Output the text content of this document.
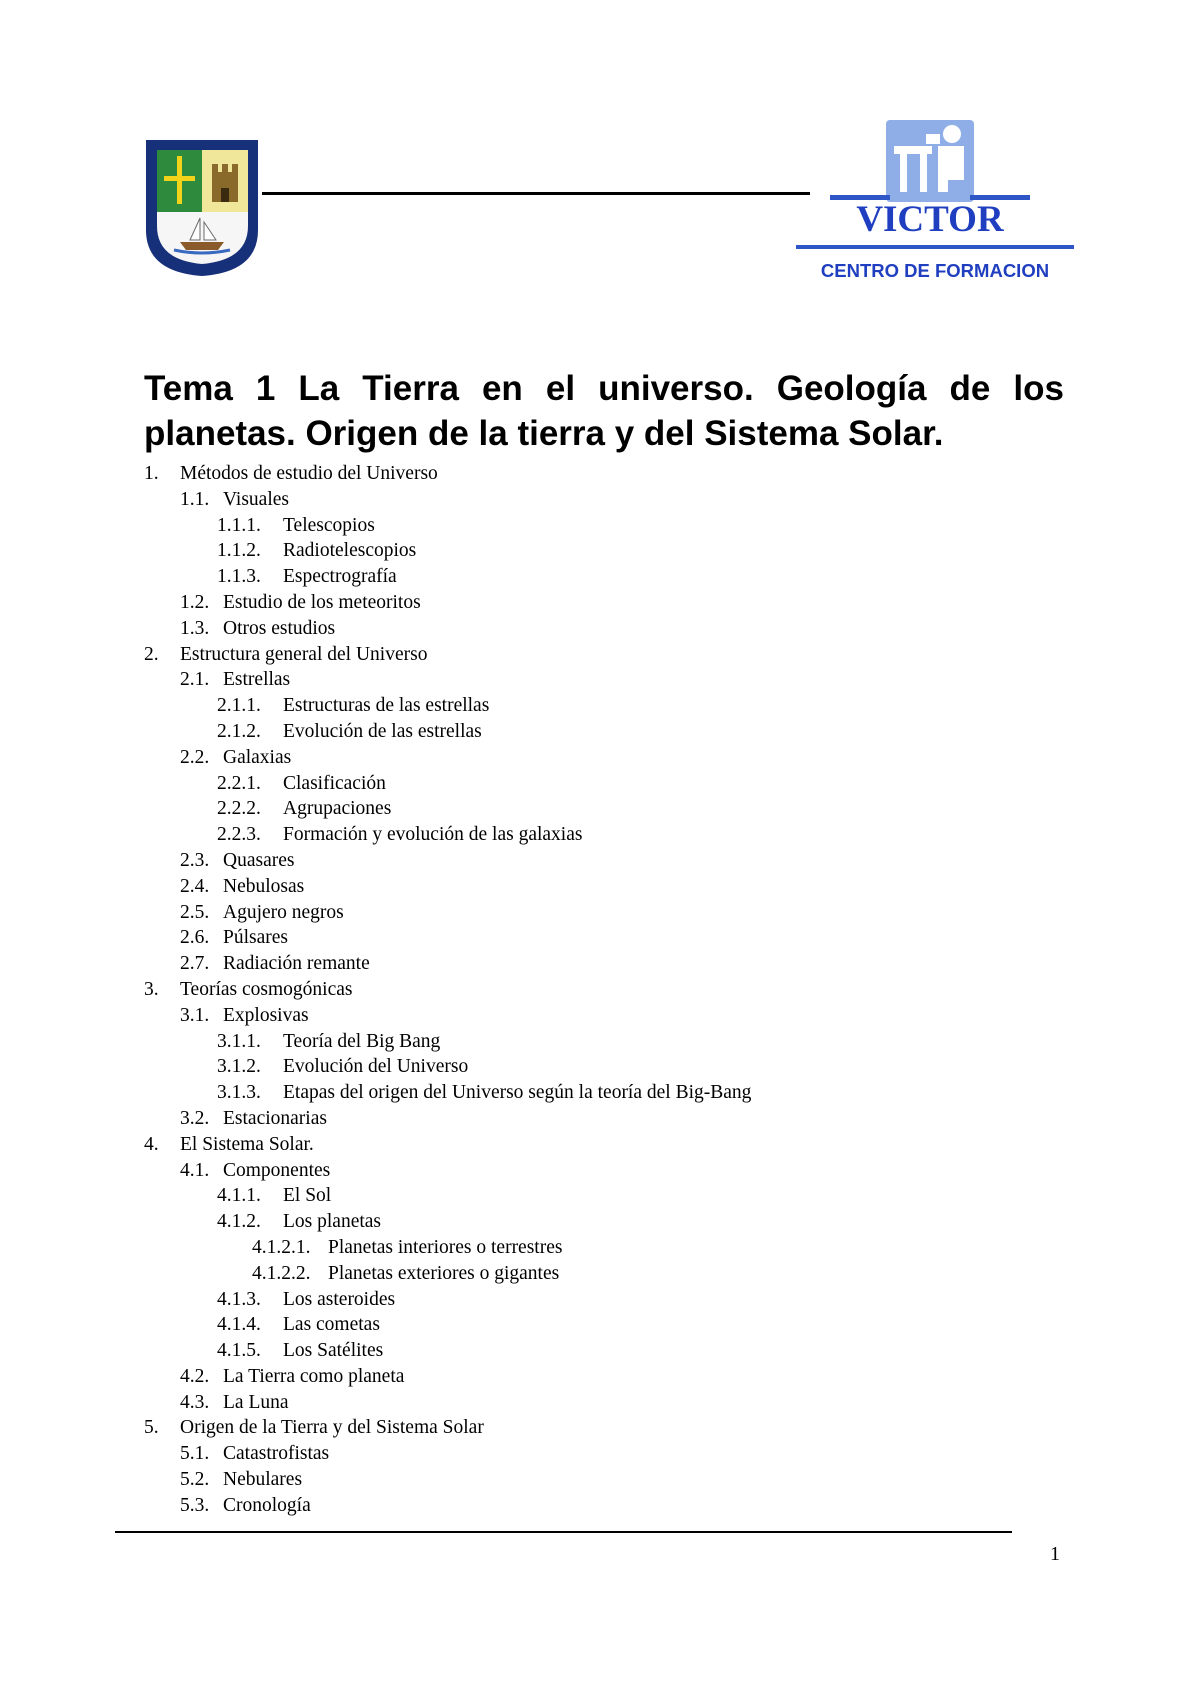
VICTOR
CENTRO DE FORMACION
Tema 1 La Tierra en el universo. Geología de los planetas. Origen de la tierra y del Sistema Solar.
1.	Métodos de estudio del Universo
1.1. Visuales
1.1.1.	Telescopios
1.1.2.	Radiotelescopios
1.1.3.	Espectrografía
1.2. Estudio de los meteoritos
1.3. Otros estudios
2.	Estructura general del Universo
2.1. Estrellas
2.1.1.	Estructuras de las estrellas
2.1.2.	Evolución de las estrellas
2.2. Galaxias
2.2.1.	Clasificación
2.2.2.	Agrupaciones
2.2.3.	Formación y evolución de las galaxias
2.3. Quasares
2.4. Nebulosas
2.5. Agujero negros
2.6. Púlsares
2.7. Radiación remante
3.	Teorías cosmogónicas
3.1. Explosivas
3.1.1.	Teoría del Big Bang
3.1.2.	Evolución del Universo
3.1.3.	Etapas del origen del Universo según la teoría del Big-Bang
3.2. Estacionarias
4.	El Sistema Solar.
4.1. Componentes
4.1.1.	El Sol
4.1.2.	Los planetas
4.1.2.1. Planetas interiores o terrestres
4.1.2.2. Planetas exteriores o gigantes
4.1.3.	Los asteroides
4.1.4.	Las cometas
4.1.5.	Los Satélites
4.2. La Tierra como planeta
4.3. La Luna
5.	Origen de la Tierra y del Sistema Solar
5.1. Catastrofistas
5.2. Nebulares
5.3. Cronología
1
